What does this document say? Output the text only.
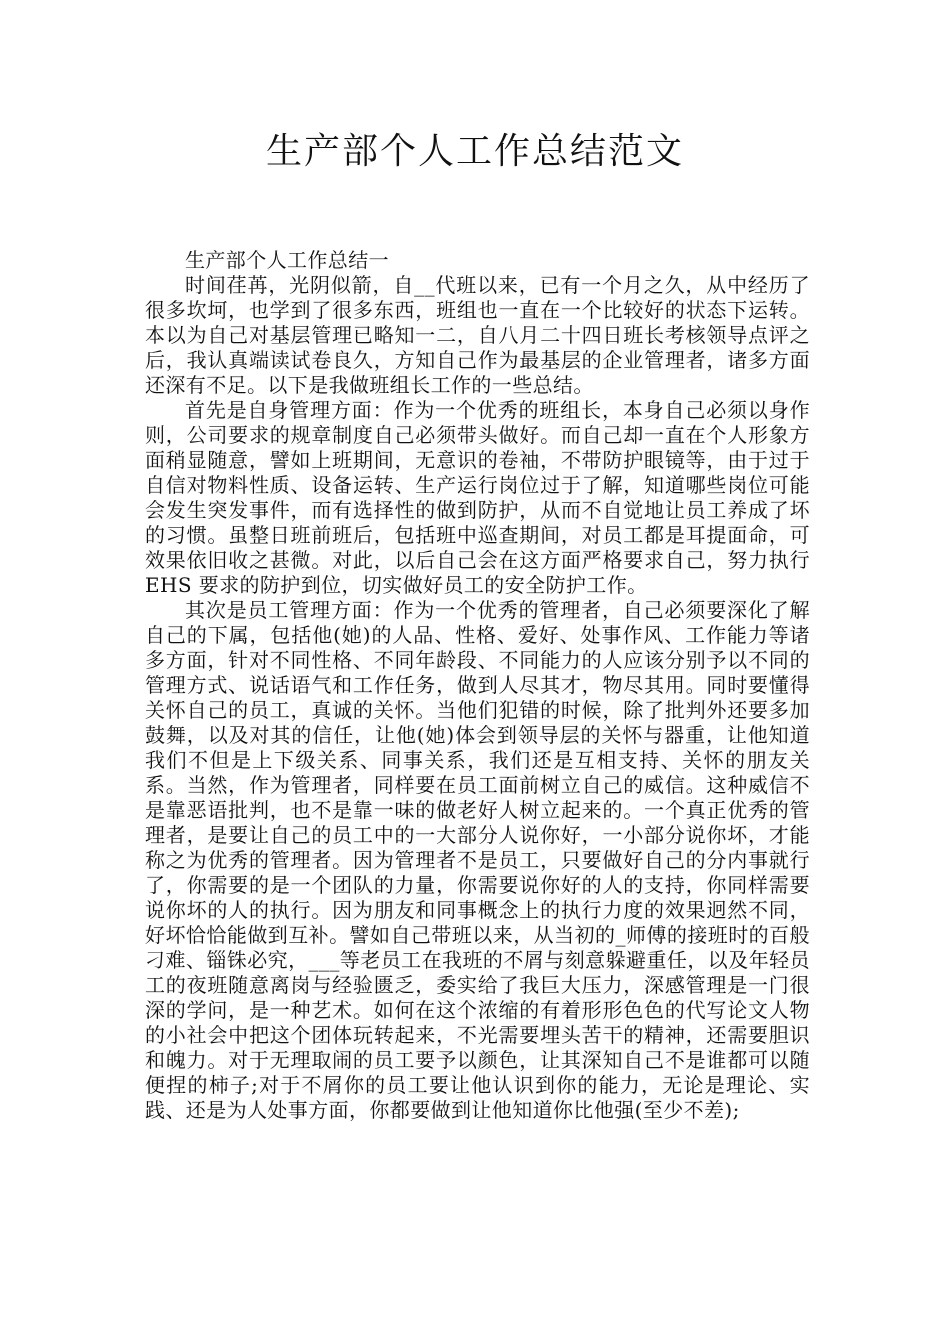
生产部个人工作总结范文

生产部个人工作总结一

时间荏苒，光阴似箭，自__代班以来，已有一个月之久，从中经历了很多坎坷，也学到了很多东西，班组也一直在一个比较好的状态下运转。本以为自己对基层管理已略知一二，自八月二十四日班长考核领导点评之后，我认真端读试卷良久，方知自己作为最基层的企业管理者，诸多方面还深有不足。以下是我做班组长工作的一些总结。

首先是自身管理方面：作为一个优秀的班组长，本身自己必须以身作则，公司要求的规章制度自己必须带头做好。而自己却一直在个人形象方面稍显随意，譬如上班期间，无意识的卷袖，不带防护眼镜等，由于过于自信对物料性质、设备运转、生产运行岗位过于了解，知道哪些岗位可能会发生突发事件，而有选择性的做到防护，从而不自觉地让员工养成了坏的习惯。虽整日班前班后，包括班中巡查期间，对员工都是耳提面命，可效果依旧收之甚微。对此，以后自己会在这方面严格要求自己，努力执行 EHS 要求的防护到位，切实做好员工的安全防护工作。

其次是员工管理方面：作为一个优秀的管理者，自己必须要深化了解自己的下属，包括他(她)的人品、性格、爱好、处事作风、工作能力等诸多方面，针对不同性格、不同年龄段、不同能力的人应该分别予以不同的管理方式、说话语气和工作任务，做到人尽其才，物尽其用。同时要懂得关怀自己的员工，真诚的关怀。当他们犯错的时候，除了批判外还要多加鼓舞，以及对其的信任，让他(她)体会到领导层的关怀与器重，让他知道我们不但是上下级关系、同事关系，我们还是互相支持、关怀的朋友关系。当然，作为管理者，同样要在员工面前树立自己的威信。这种威信不是靠恶语批判，也不是靠一味的做老好人树立起来的。一个真正优秀的管理者，是要让自己的员工中的一大部分人说你好，一小部分说你坏，才能称之为优秀的管理者。因为管理者不是员工，只要做好自己的分内事就行了，你需要的是一个团队的力量，你需要说你好的人的支持，你同样需要说你坏的人的执行。因为朋友和同事概念上的执行力度的效果迥然不同，好坏恰恰能做到互补。譬如自己带班以来，从当初的_师傅的接班时的百般刁难、锱铢必究，___等老员工在我班的不屑与刻意躲避重任，以及年轻员工的夜班随意离岗与经验匮乏，委实给了我巨大压力，深感管理是一门很深的学问，是一种艺术。如何在这个浓缩的有着形形色色的代写论文人物的小社会中把这个团体玩转起来，不光需要埋头苦干的精神，还需要胆识和魄力。对于无理取闹的员工要予以颜色，让其深知自己不是谁都可以随便捏的柿子;对于不屑你的员工要让他认识到你的能力，无论是理论、实践、还是为人处事方面，你都要做到让他知道你比他强(至少不差);
